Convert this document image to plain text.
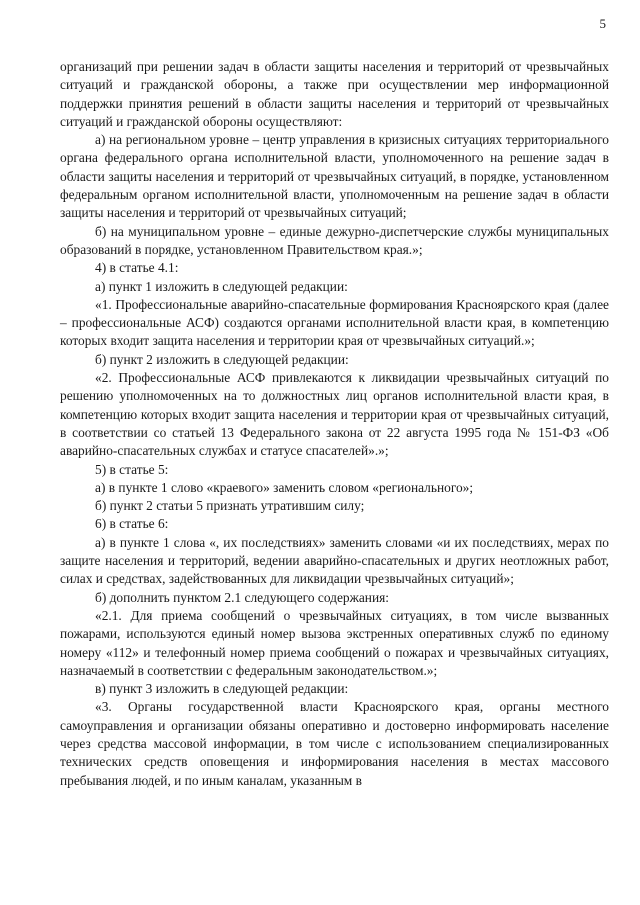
5

организаций при решении задач в области защиты населения и территорий от чрезвычайных ситуаций и гражданской обороны, а также при осуществлении мер информационной поддержки принятия решений в области защиты населения и территорий от чрезвычайных ситуаций и гражданской обороны осуществляют:

а) на региональном уровне – центр управления в кризисных ситуациях территориального органа федерального органа исполнительной власти, уполномоченного на решение задач в области защиты населения и территорий от чрезвычайных ситуаций, в порядке, установленном федеральным органом исполнительной власти, уполномоченным на решение задач в области защиты населения и территорий от чрезвычайных ситуаций;

б) на муниципальном уровне – единые дежурно-диспетчерские службы муниципальных образований в порядке, установленном Правительством края.»;

4) в статье 4.1:

а) пункт 1 изложить в следующей редакции:

«1. Профессиональные аварийно-спасательные формирования Красноярского края (далее – профессиональные АСФ) создаются органами исполнительной власти края, в компетенцию которых входит защита населения и территории края от чрезвычайных ситуаций.»;

б) пункт 2 изложить в следующей редакции:

«2. Профессиональные АСФ привлекаются к ликвидации чрезвычайных ситуаций по решению уполномоченных на то должностных лиц органов исполнительной власти края, в компетенцию которых входит защита населения и территории края от чрезвычайных ситуаций, в соответствии со статьей 13 Федерального закона от 22 августа 1995 года № 151-ФЗ «Об аварийно-спасательных службах и статусе спасателей».»;

5) в статье 5:

а) в пункте 1 слово «краевого» заменить словом «регионального»;

б) пункт 2 статьи 5 признать утратившим силу;

6) в статье 6:

а) в пункте 1 слова «, их последствиях» заменить словами «и их последствиях, мерах по защите населения и территорий, ведении аварийно-спасательных и других неотложных работ, силах и средствах, задействованных для ликвидации чрезвычайных ситуаций»;

б) дополнить пунктом 2.1 следующего содержания:

«2.1. Для приема сообщений о чрезвычайных ситуациях, в том числе вызванных пожарами, используются единый номер вызова экстренных оперативных служб по единому номеру «112» и телефонный номер приема сообщений о пожарах и чрезвычайных ситуациях, назначаемый в соответствии с федеральным законодательством.»;

в) пункт 3 изложить в следующей редакции:

«3. Органы государственной власти Красноярского края, органы местного самоуправления и организации обязаны оперативно и достоверно информировать население через средства массовой информации, в том числе с использованием специализированных технических средств оповещения и информирования населения в местах массового пребывания людей, и по иным каналам, указанным в
